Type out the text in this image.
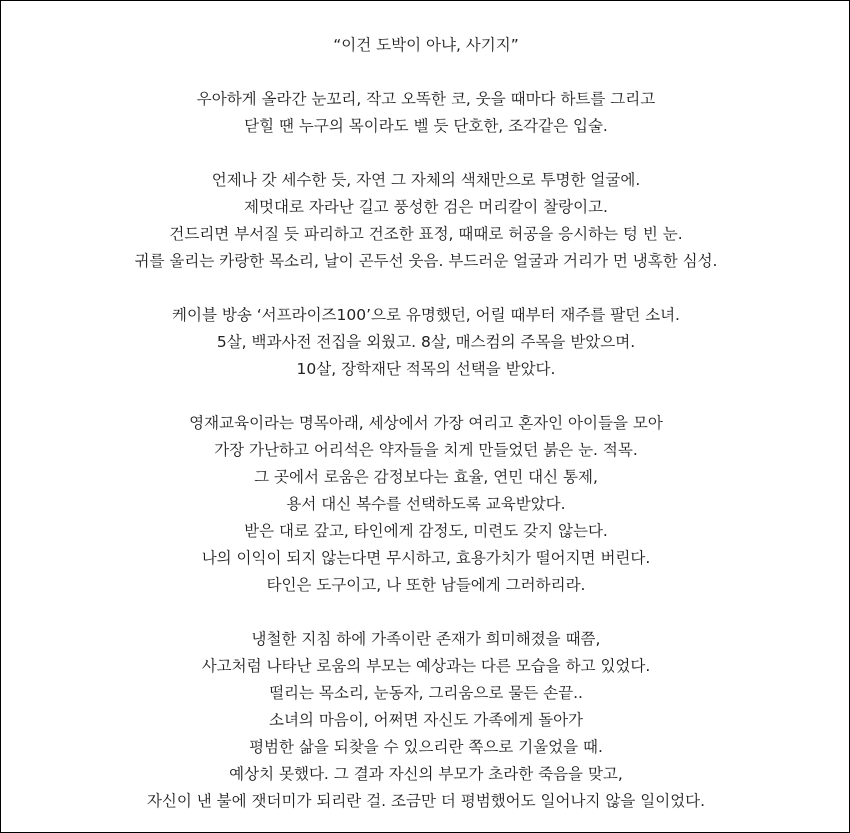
“이건 도박이 아냐, 사기지”
우아하게 올라간 눈꼬리, 작고 오똑한 코, 웃을 때마다 하트를 그리고
닫힐 땐 누구의 목이라도 벨 듯 단호한, 조각같은 입술.
언제나 갓 세수한 듯, 자연 그 자체의 색채만으로 투명한 얼굴에.
제멋대로 자라난 길고 풍성한 검은 머리칼이 찰랑이고.
건드리면 부서질 듯 파리하고 건조한 표정, 때때로 허공을 응시하는 텅 빈 눈.
귀를 울리는 카랑한 목소리, 날이 곤두선 웃음. 부드러운 얼굴과 거리가 먼 냉혹한 심성.
케이블 방송 ‘서프라이즈100’으로 유명했던, 어릴 때부터 재주를 팔던 소녀.
5살, 백과사전 전집을 외웠고. 8살, 매스컴의 주목을 받았으며.
10살, 장학재단 적목의 선택을 받았다.
영재교육이라는 명목아래, 세상에서 가장 여리고 혼자인 아이들을 모아
가장 가난하고 어리석은 약자들을 치게 만들었던 붉은 눈. 적목.
그 곳에서 로움은 감정보다는 효율, 연민 대신 통제,
용서 대신 복수를 선택하도록 교육받았다.
받은 대로 갚고, 타인에게 감정도, 미련도 갖지 않는다.
나의 이익이 되지 않는다면 무시하고, 효용가치가 떨어지면 버린다.
타인은 도구이고, 나 또한 남들에게 그러하리라.
냉철한 지침 하에 가족이란 존재가 희미해졌을 때쯤,
사고처럼 나타난 로움의 부모는 예상과는 다른 모습을 하고 있었다.
떨리는 목소리, 눈동자, 그리움으로 물든 손끝..
소녀의 마음이, 어쩌면 자신도 가족에게 돌아가
평범한 삶을 되찾을 수 있으리란 쪽으로 기울었을 때.
예상치 못했다. 그 결과 자신의 부모가 초라한 죽음을 맞고,
자신이 낸 불에 잿더미가 되리란 걸. 조금만 더 평범했어도 일어나지 않을 일이었다.
